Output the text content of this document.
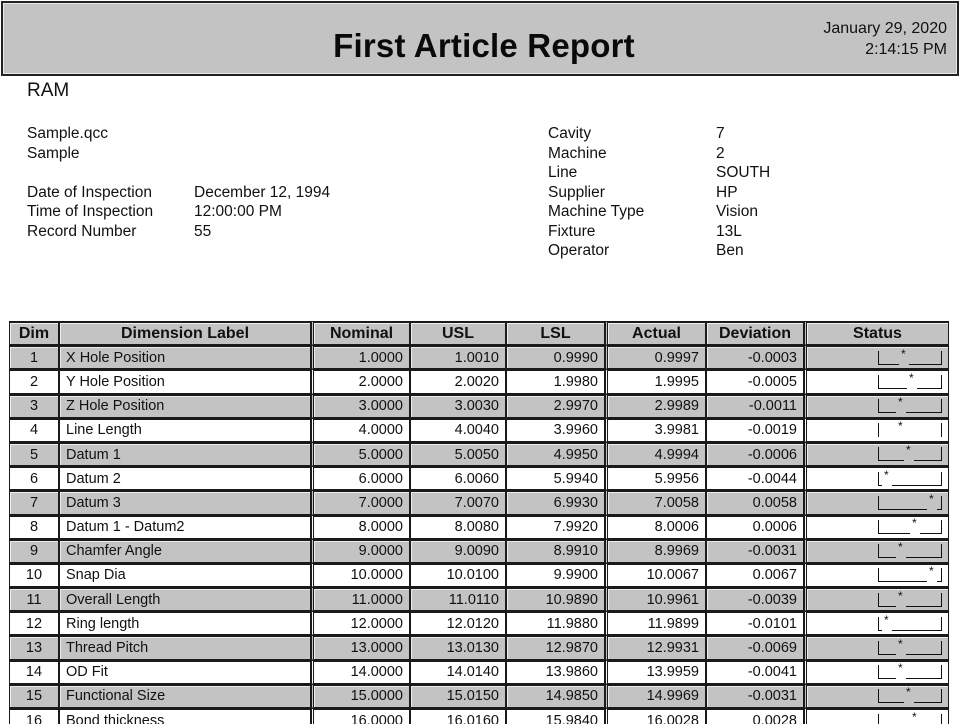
First Article Report	January 29, 2020
2:14:15 PM
RAM
Sample.qcc
Sample
Date of Inspection	December 12, 1994
Time of Inspection	12:00:00 PM
Record Number	55
Cavity	7
Machine	2
Line	SOUTH
Supplier	HP
Machine Type	Vision
Fixture	13L
Operator	Ben
Dim	Dimension Label	Nominal	USL	LSL	Actual	Deviation	Status
1	X Hole Position	1.0000	1.0010	0.9990	0.9997	-0.0003	*

2	Y Hole Position	2.0000	2.0020	1.9980	1.9995	-0.0005	*

3	Z Hole Position	3.0000	3.0030	2.9970	2.9989	-0.0011	*

4	Line Length	4.0000	4.0040	3.9960	3.9981	-0.0019	*

5	Datum 1	5.0000	5.0050	4.9950	4.9994	-0.0006	*

6	Datum 2	6.0000	6.0060	5.9940	5.9956	-0.0044	*

7	Datum 3	7.0000	7.0070	6.9930	7.0058	0.0058	*

8	Datum 1 - Datum2	8.0000	8.0080	7.9920	8.0006	0.0006	*

9	Chamfer Angle	9.0000	9.0090	8.9910	8.9969	-0.0031	*

10	Snap Dia	10.0000	10.0100	9.9900	10.0067	0.0067	*

11	Overall Length	11.0000	11.0110	10.9890	10.9961	-0.0039	*

12	Ring length	12.0000	12.0120	11.9880	11.9899	-0.0101	*

13	Thread Pitch	13.0000	13.0130	12.9870	12.9931	-0.0069	*

14	OD Fit	14.0000	14.0140	13.9860	13.9959	-0.0041	*

15	Functional Size	15.0000	15.0150	14.9850	14.9969	-0.0031	*

16	Bond thickness	16.0000	16.0160	15.9840	16.0028	0.0028	*
